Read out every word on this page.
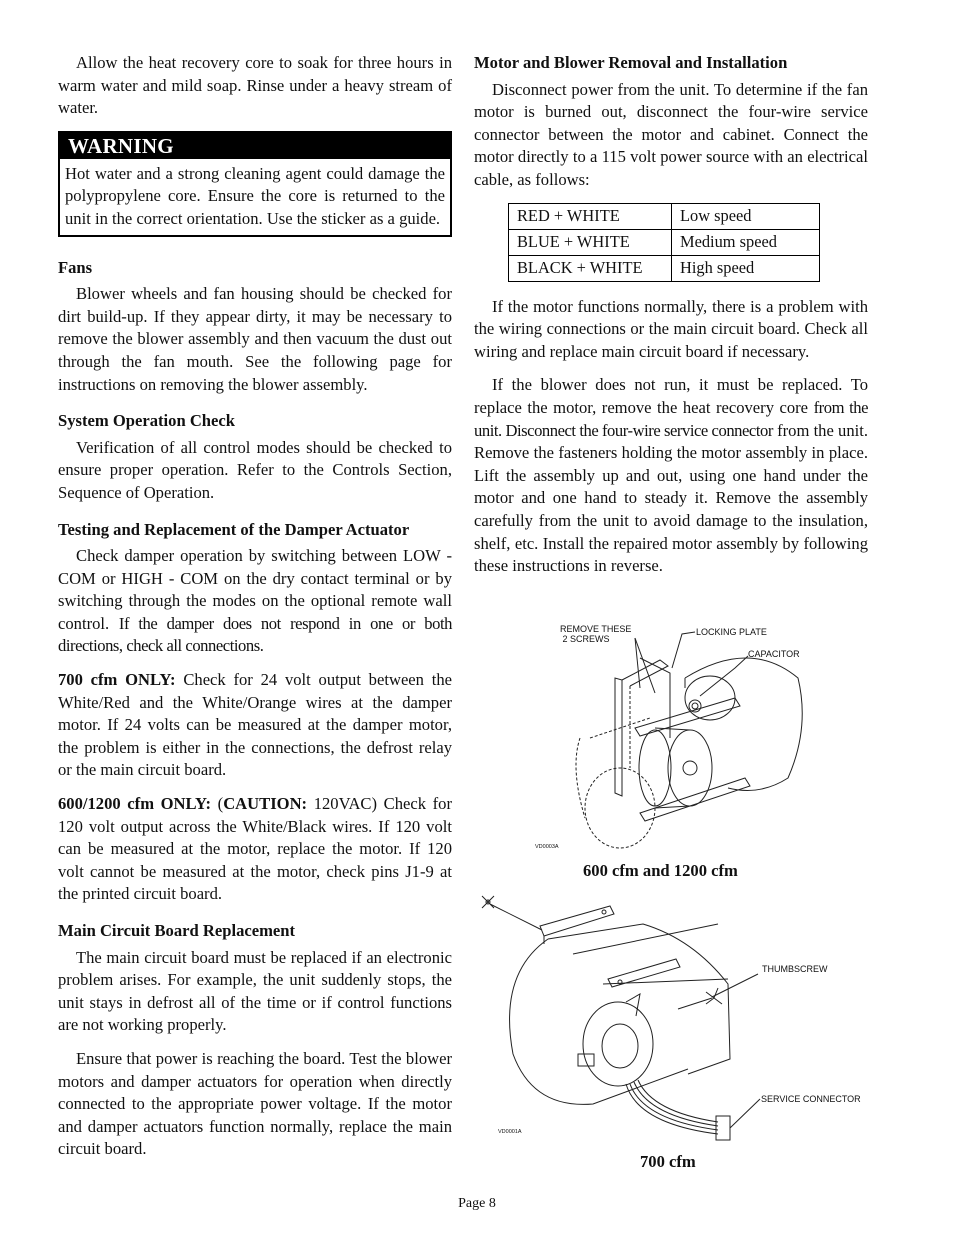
Allow the heat recovery core to soak for three hours in warm water and mild soap. Rinse under a heavy stream of water.

WARNING
Hot water and a strong cleaning agent could damage the polypropylene core. Ensure the core is returned to the unit in the correct orientation. Use the sticker as a guide.
Fans

Blower wheels and fan housing should be checked for dirt build-up. If they appear dirty, it may be necessary to remove the blower assembly and then vacuum the dust out through the fan mouth. See the following page for instructions on removing the blower assembly.

System Operation Check

Verification of all control modes should be checked to ensure proper operation. Refer to the Controls Section, Sequence of Operation.

Testing and Replacement of the Damper Actuator

Check damper operation by switching between LOW - COM or HIGH - COM on the dry contact terminal or by switching through the modes on the optional remote wall control. If the damper does not respond in one or both directions, check all connections.

700 cfm ONLY: Check for 24 volt output between the White/Red and the White/Orange wires at the damper motor. If 24 volts can be measured at the damper motor, the problem is either in the connections, the defrost relay or the main circuit board.

600/1200 cfm ONLY: (CAUTION: 120VAC) Check for 120 volt output across the White/Black wires. If 120 volt can be measured at the motor, replace the motor. If 120 volt cannot be measured at the motor, check pins J1-9 at the printed circuit board.

Main Circuit Board Replacement

The main circuit board must be replaced if an electronic problem arises. For example, the unit suddenly stops, the unit stays in defrost all of the time or if control functions are not working properly.

Ensure that power is reaching the board. Test the blower motors and damper actuators for operation when directly connected to the appropriate power voltage. If the motor and damper actuators function normally, replace the main circuit board.

Motor and Blower Removal and Installation

Disconnect power from the unit. To determine if the fan motor is burned out, disconnect the four-wire service connector between the motor and cabinet. Connect the motor directly to a 115 volt power source with an electrical cable, as follows:

RED + WHITE	Low speed
BLUE + WHITE	Medium speed
BLACK + WHITE	High speed

If the motor functions normally, there is a problem with the wiring connections or the main circuit board. Check all wiring and replace main circuit board if necessary.

If the blower does not run, it must be replaced. To replace the motor, remove the heat recovery core from the unit. Disconnect the four-wire service connector from the unit. Remove the fasteners holding the motor assembly in place. Lift the assembly up and out, using one hand under the motor and one hand to steady it. Remove the assembly carefully from the unit to avoid damage to the insulation, shelf, etc. Install the repaired motor assembly by following these instructions in reverse.

REMOVE THESE
2 SCREWS
LOCKING PLATE
CAPACITOR
VD0003A
600 cfm and 1200 cfm
THUMBSCREW
SERVICE CONNECTOR
VD0001A
700 cfm
Page 8
